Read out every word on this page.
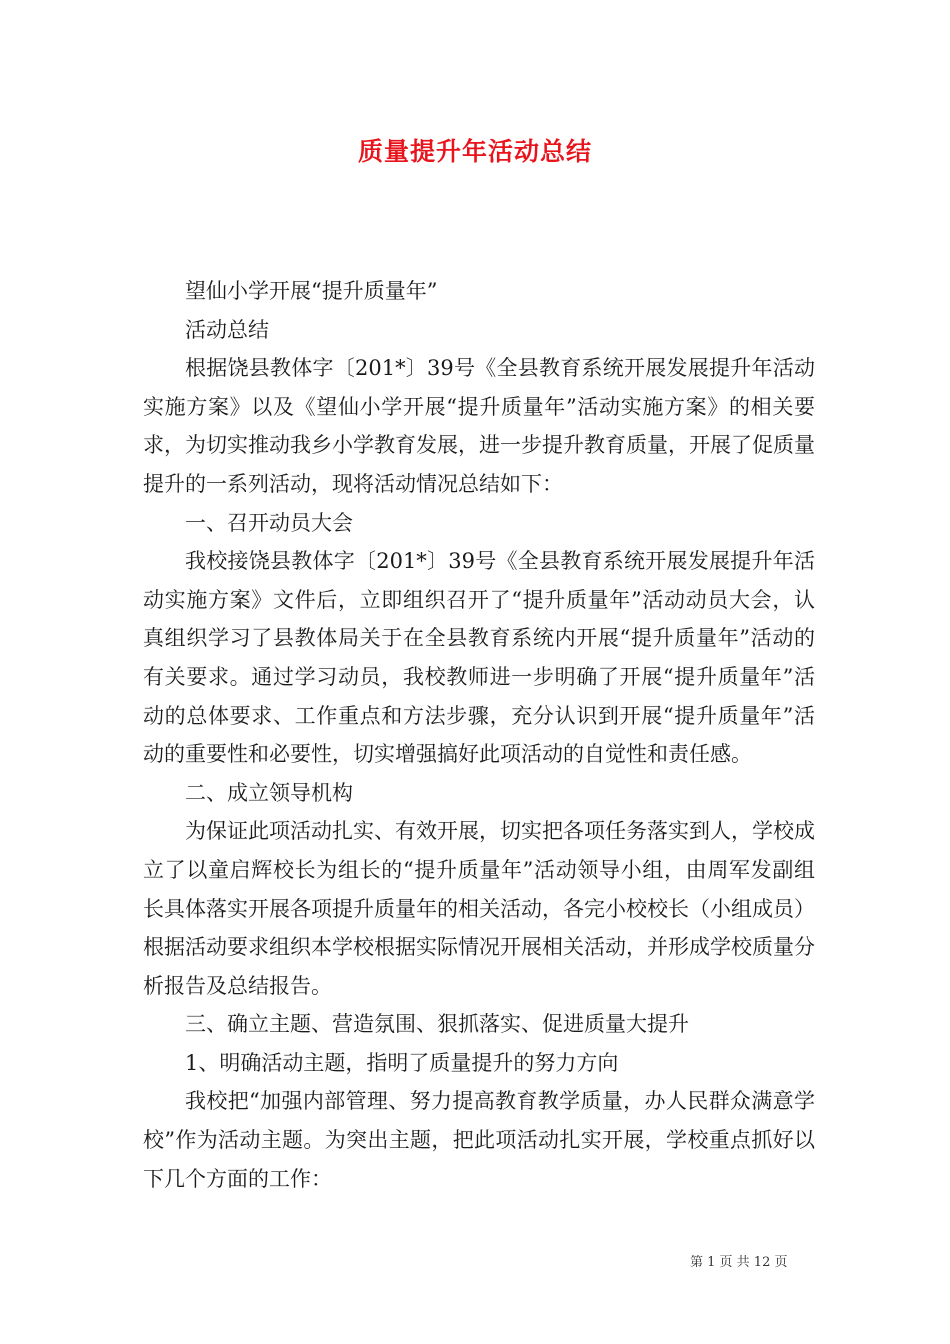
质量提升年活动总结

望仙小学开展“提升质量年”

活动总结

根据饶县教体字〔201*〕39号《全县教育系统开展发展提升年活动实施方案》以及《望仙小学开展“提升质量年”活动实施方案》的相关要求，为切实推动我乡小学教育发展，进一步提升教育质量，开展了促质量提升的一系列活动，现将活动情况总结如下：

一、召开动员大会

我校接饶县教体字〔201*〕39号《全县教育系统开展发展提升年活动实施方案》文件后，立即组织召开了“提升质量年”活动动员大会，认真组织学习了县教体局关于在全县教育系统内开展“提升质量年”活动的有关要求。通过学习动员，我校教师进一步明确了开展“提升质量年”活动的总体要求、工作重点和方法步骤，充分认识到开展“提升质量年”活动的重要性和必要性，切实增强搞好此项活动的自觉性和责任感。

二、成立领导机构

为保证此项活动扎实、有效开展，切实把各项任务落实到人，学校成立了以童启辉校长为组长的“提升质量年”活动领导小组，由周军发副组长具体落实开展各项提升质量年的相关活动，各完小校校长（小组成员）根据活动要求组织本学校根据实际情况开展相关活动，并形成学校质量分析报告及总结报告。

三、确立主题、营造氛围、狠抓落实、促进质量大提升

1、明确活动主题，指明了质量提升的努力方向

我校把“加强内部管理、努力提高教育教学质量，办人民群众满意学校”作为活动主题。为突出主题，把此项活动扎实开展，学校重点抓好以下几个方面的工作：

第 1 页 共 12 页
